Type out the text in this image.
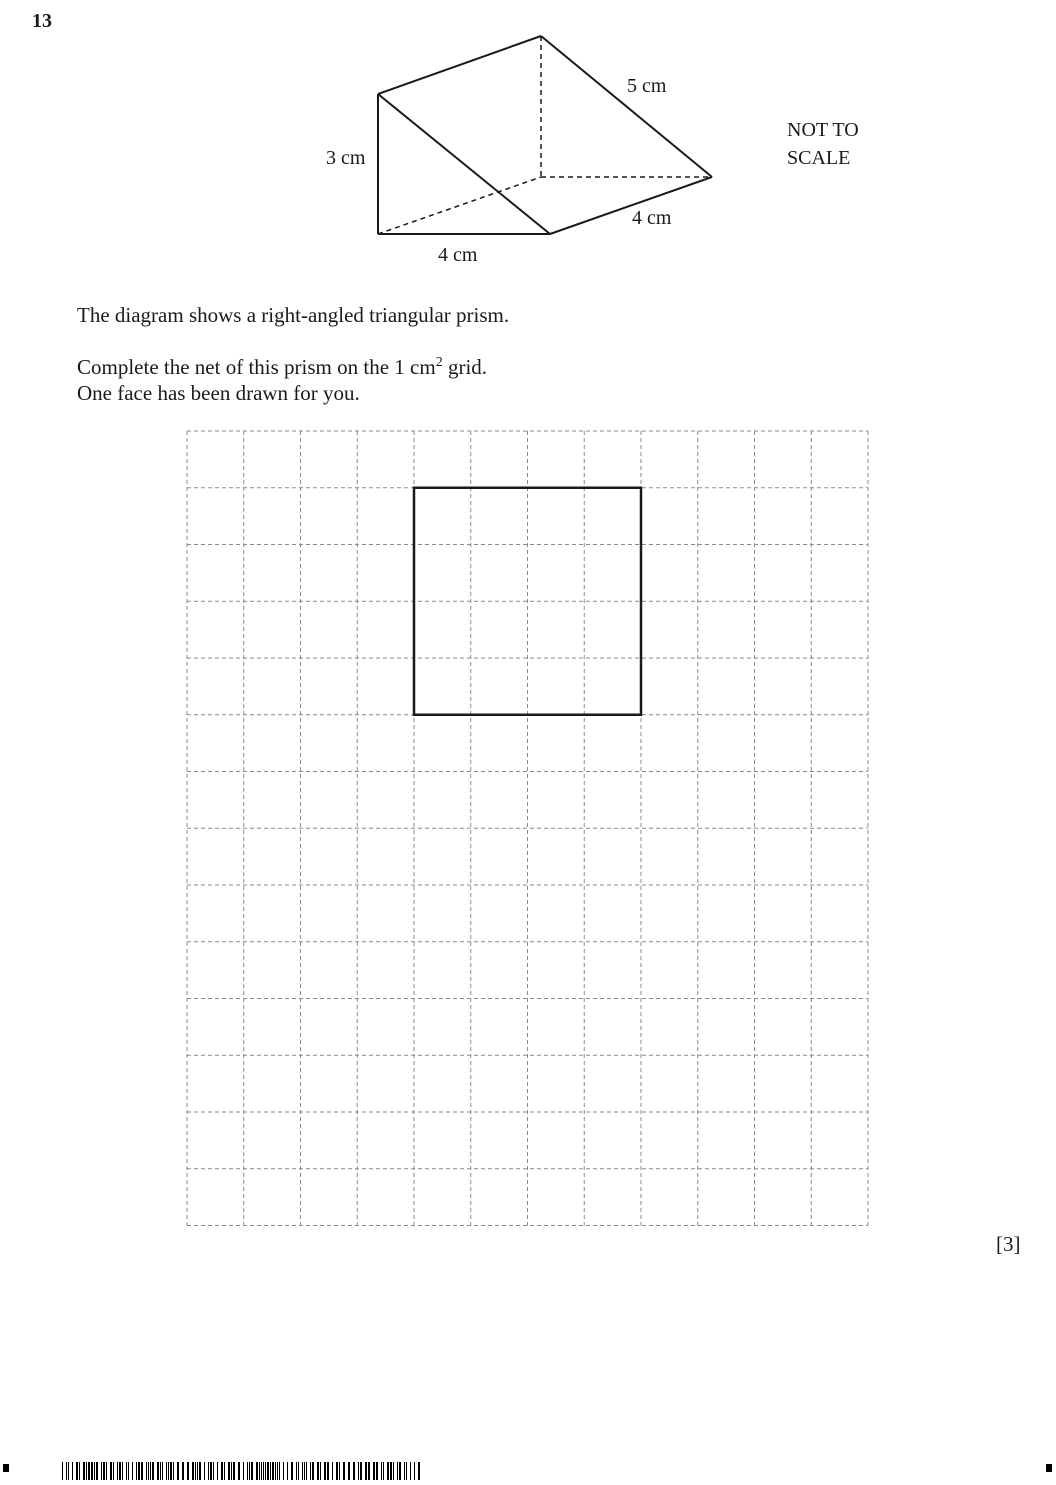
13
3 cm
4 cm
5 cm
4 cm
NOT TO
SCALE
The diagram shows a right-angled triangular prism.
Complete the net of this prism on the 1 $cm^2$ grid.
One face has been drawn for you.
[3]
